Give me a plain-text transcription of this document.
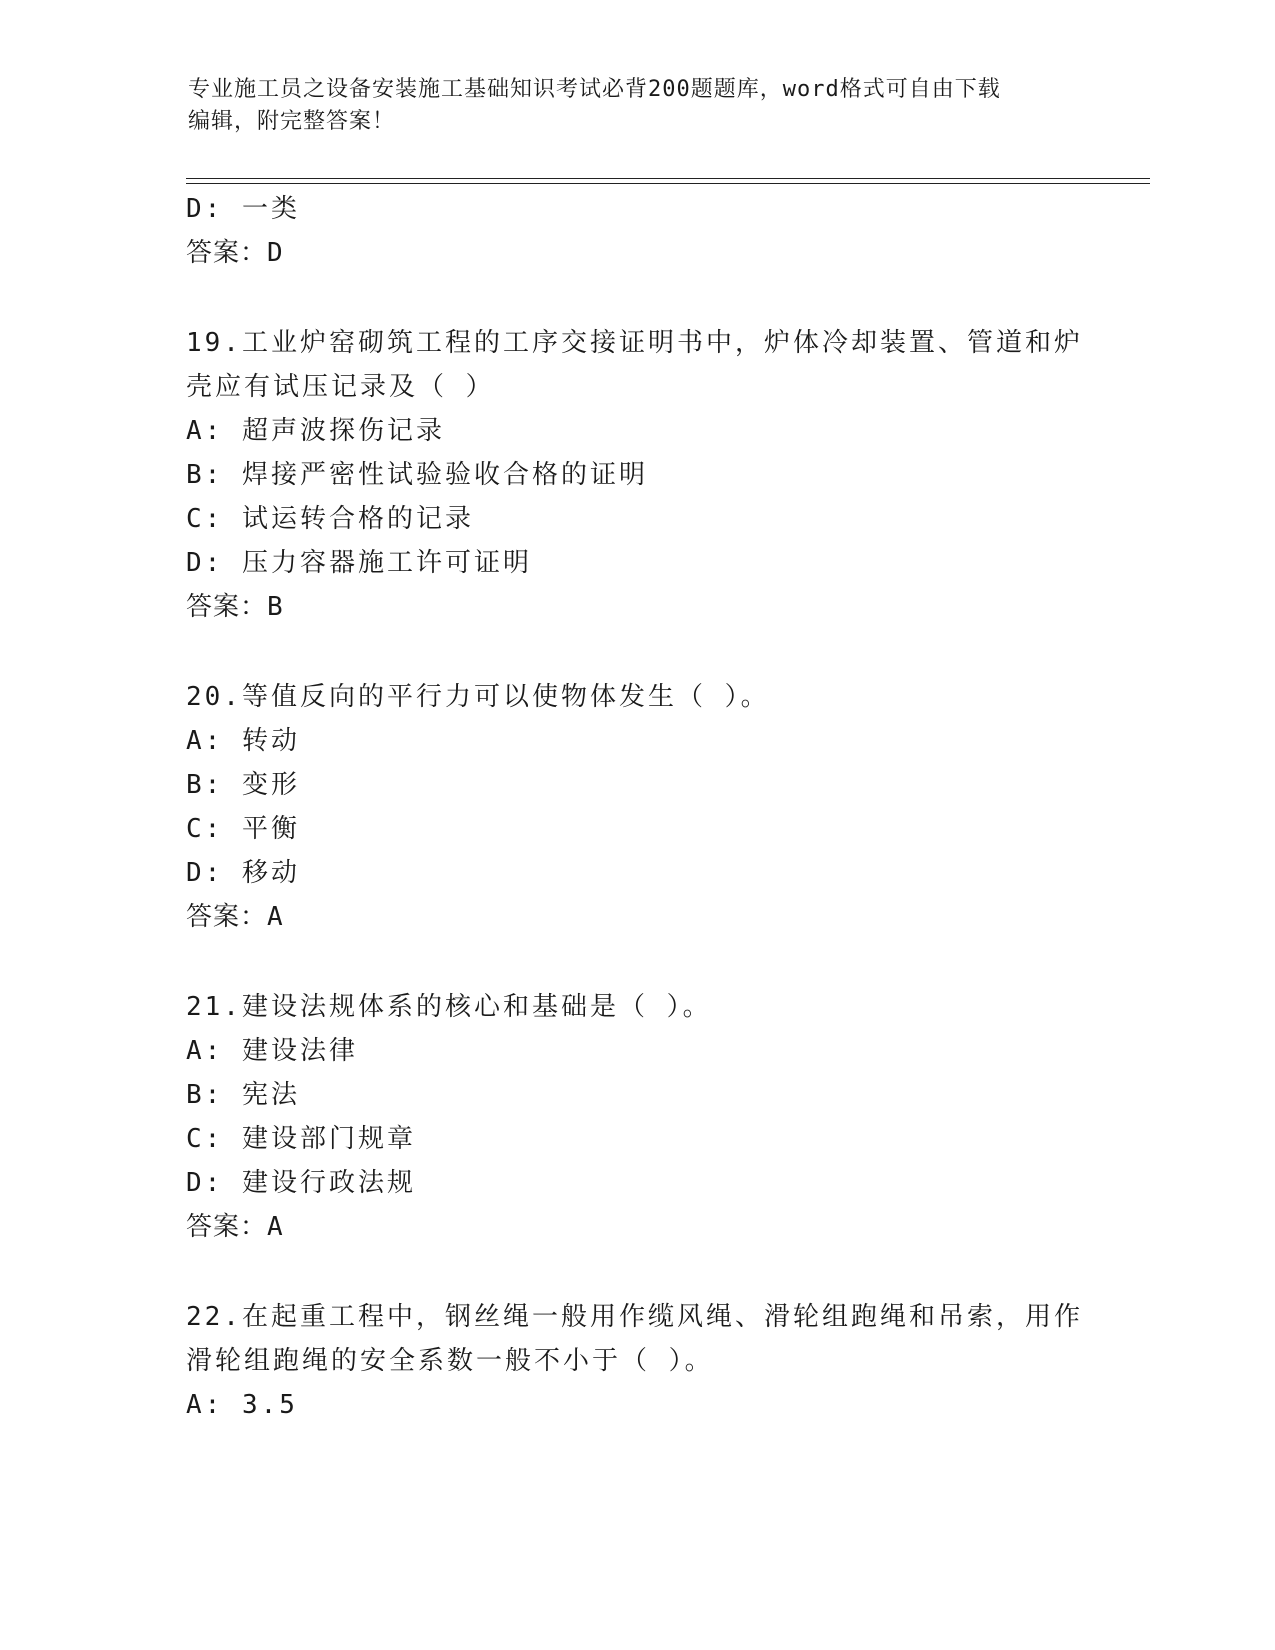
专业施工员之设备安装施工基础知识考试必背200题题库，word格式可自由下载
编辑，附完整答案！
D: 一类
答案：D
19.工业炉窑砌筑工程的工序交接证明书中，炉体冷却装置、管道和炉
壳应有试压记录及（ ）
A: 超声波探伤记录
B: 焊接严密性试验验收合格的证明
C: 试运转合格的记录
D: 压力容器施工许可证明
答案：B
20.等值反向的平行力可以使物体发生（ ）。
A: 转动
B: 变形
C: 平衡
D: 移动
答案：A
21.建设法规体系的核心和基础是（ ）。
A: 建设法律
B: 宪法
C: 建设部门规章
D: 建设行政法规
答案：A
22.在起重工程中，钢丝绳一般用作缆风绳、滑轮组跑绳和吊索，用作
滑轮组跑绳的安全系数一般不小于（ ）。
A: 3.5
